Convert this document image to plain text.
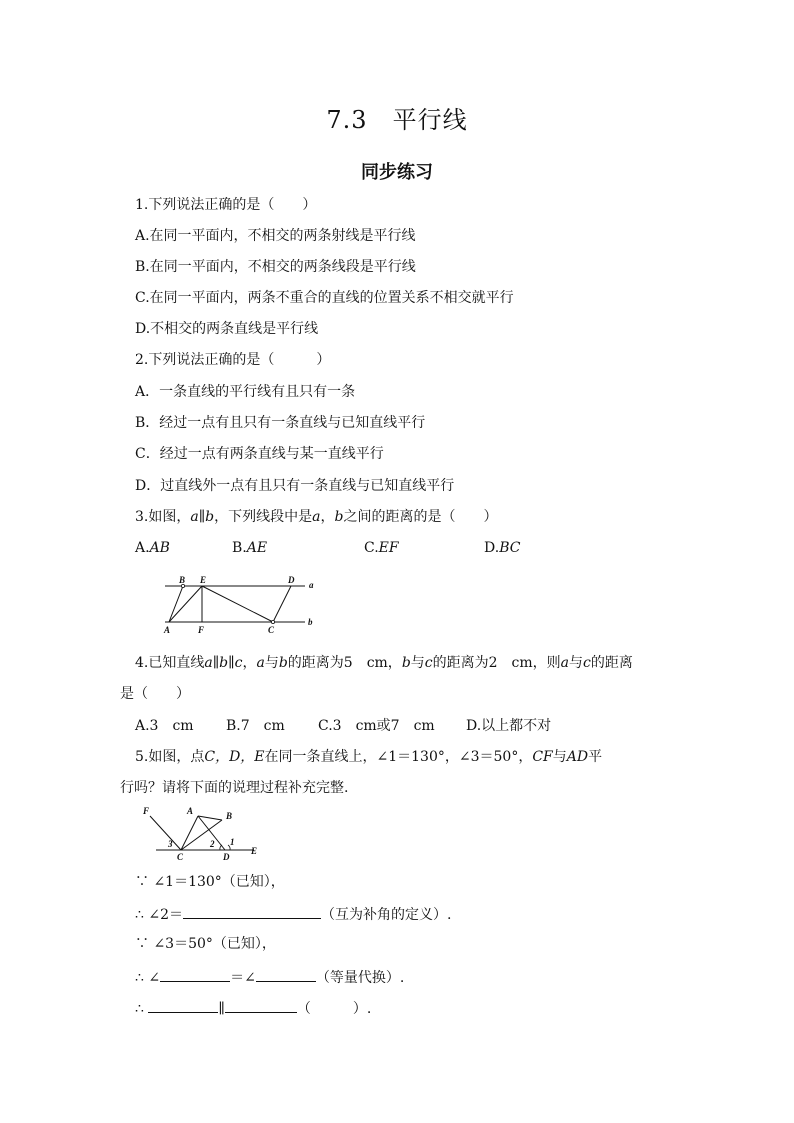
7.3　平行线
同步练习
1.下列说法正确的是（　　）
A.在同一平面内，不相交的两条射线是平行线
B.在同一平面内，不相交的两条线段是平行线
C.在同一平面内，两条不重合的直线的位置关系不相交就平行
D.不相交的两条直线是平行线
2.下列说法正确的是（　　　）
A．一条直线的平行线有且只有一条
B．经过一点有且只有一条直线与已知直线平行
C．经过一点有两条直线与某一直线平行
D．过直线外一点有且只有一条直线与已知直线平行
3.如图，a∥b，下列线段中是a，b之间的距离的是（　　）
A.AB	B.AE	C.EF	D.BC
B E	D a
A	F	C
b
4.已知直线a∥b∥c，a与b的距离为5　cm，b与c的距离为2　cm，则a与c的距离
是（　　）
A.3　cm B.7　cm C.3　cm或7　cm D.以上都不对
5.如图，点C，D，E在同一条直线上，∠1＝130°，∠3＝50°，CF与AD平
行吗？请将下面的说理过程补充完整.
F	A	B
3	2 1
C	D
E
∵ ∠1＝130°（已知），
∴ ∠2＝	（互为补角的定义）.
∵ ∠3＝50°（已知），
∴ ∠	＝∠	（等量代换）.
∴	∥	（　　　）.
